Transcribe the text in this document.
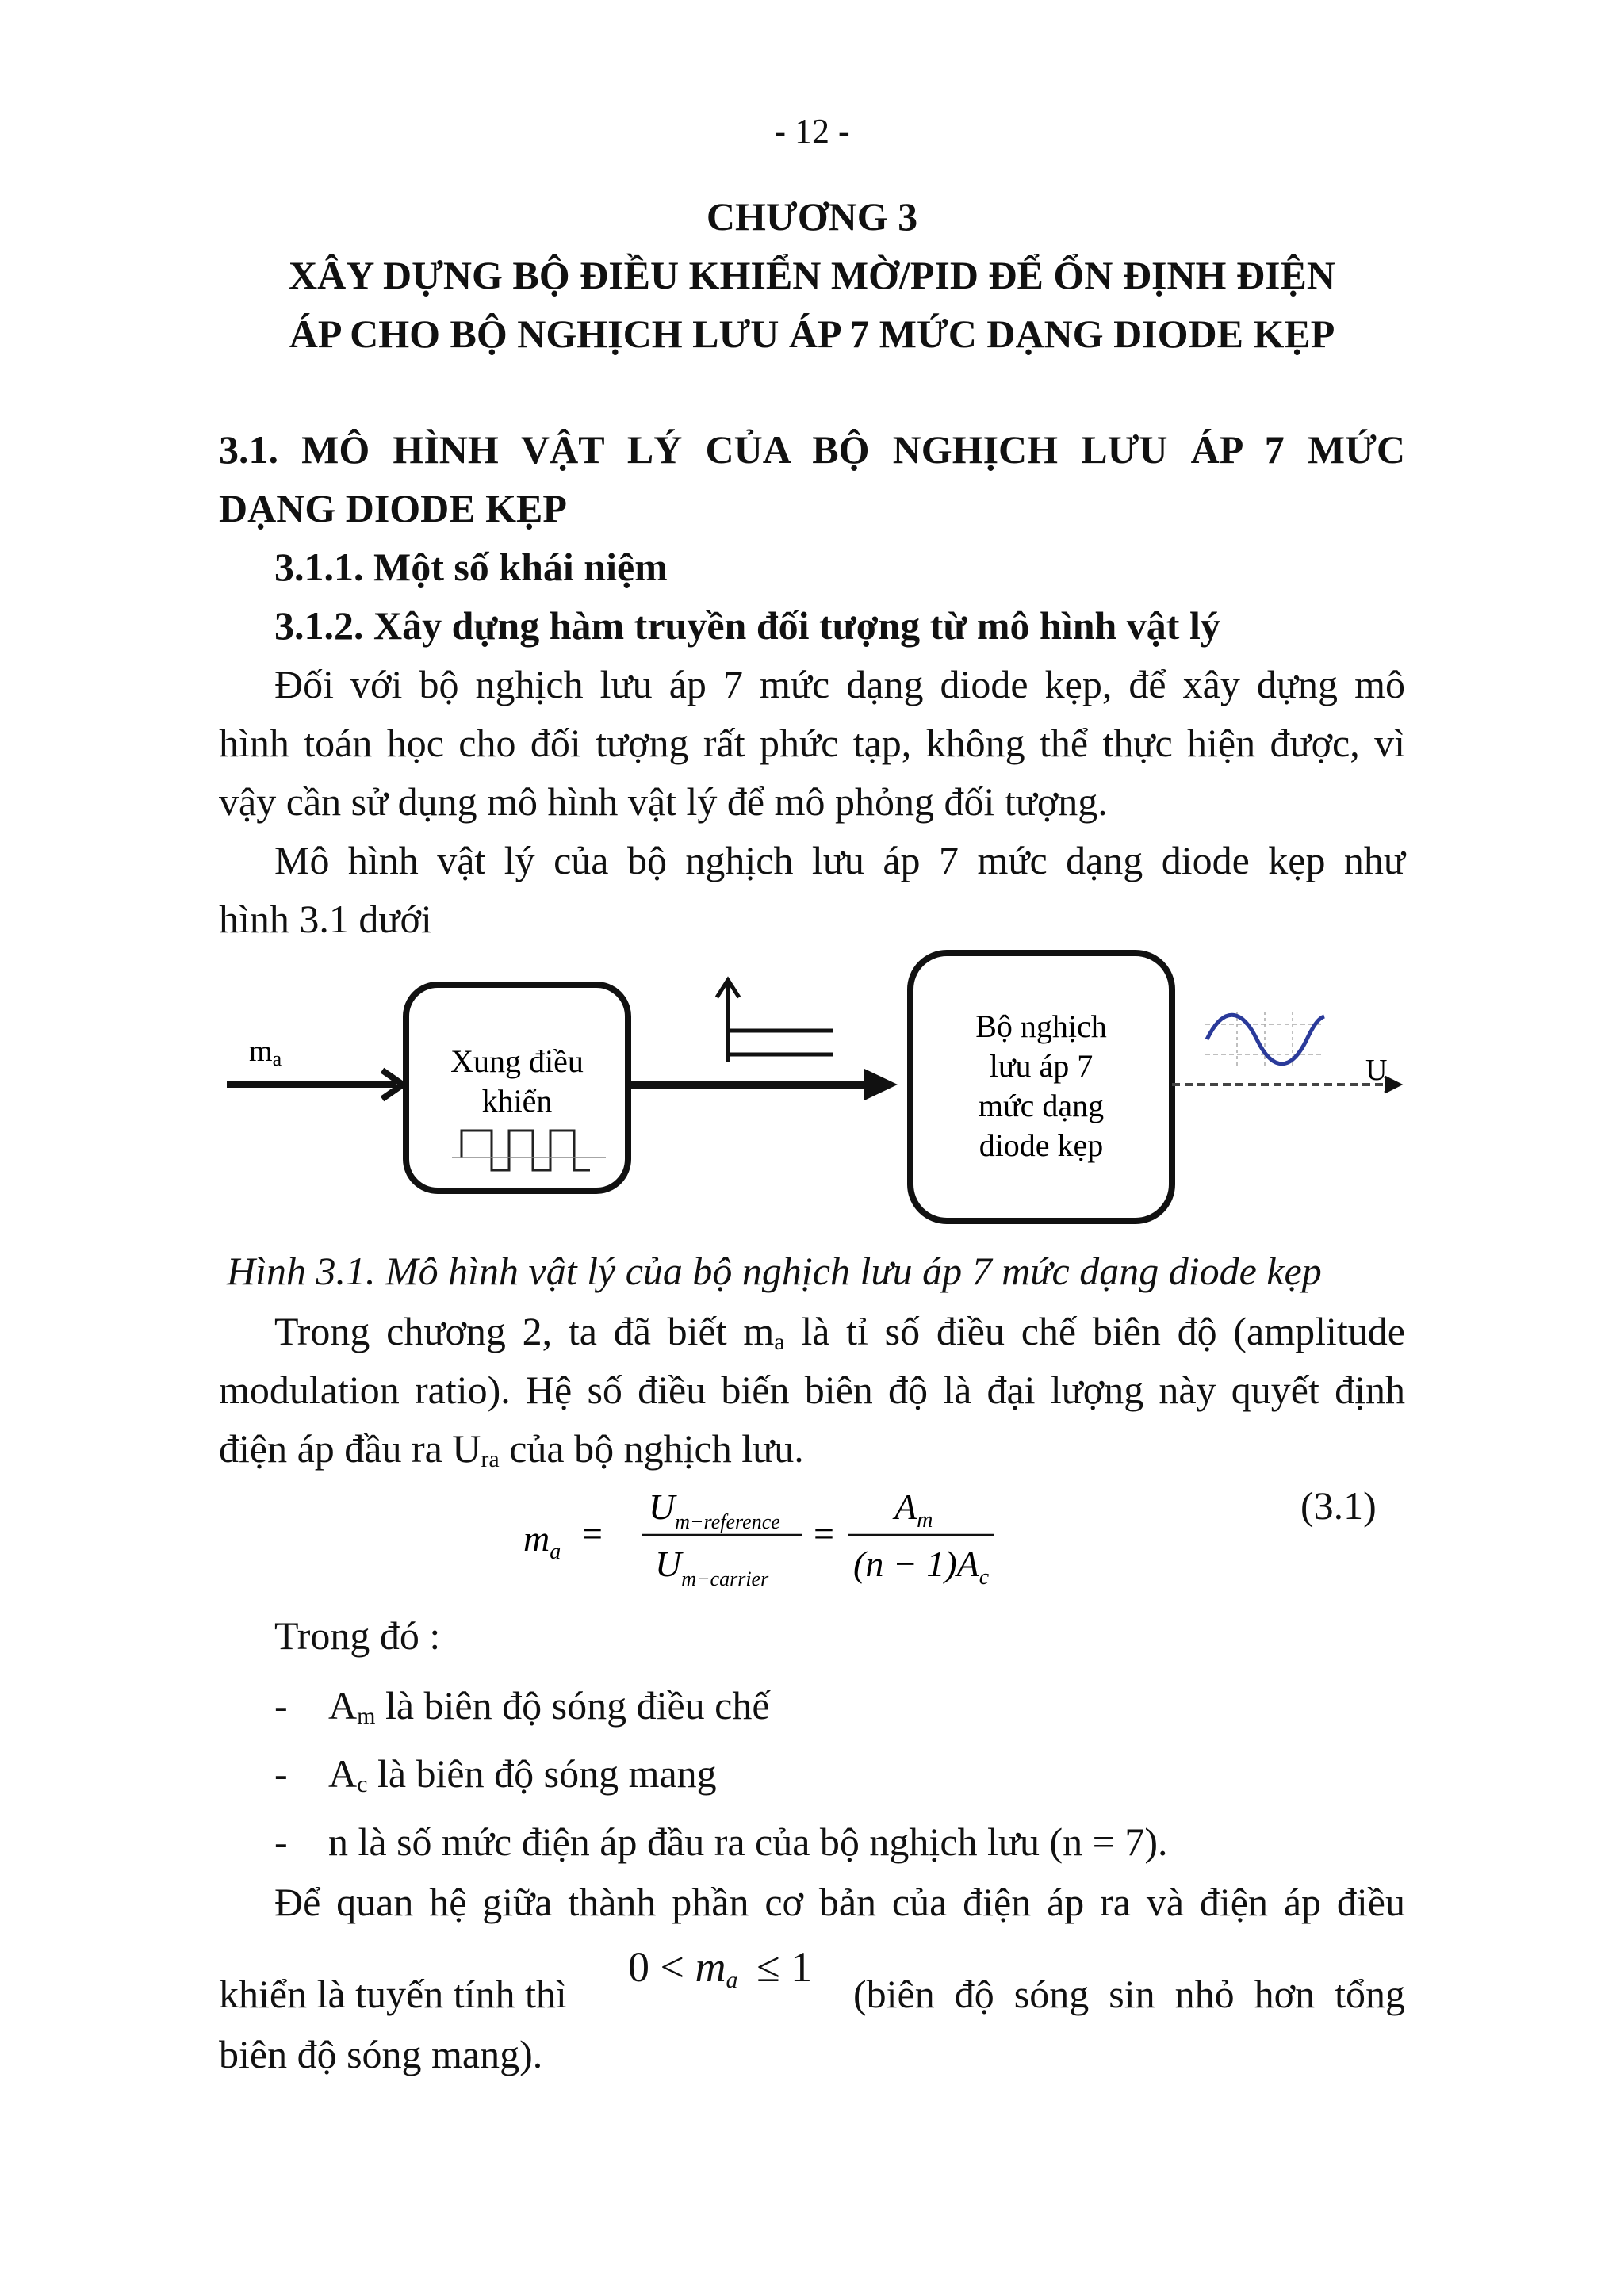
- 12 -
CHƯƠNG 3
XÂY DỰNG BỘ ĐIỀU KHIỂN MỜ/PID ĐỂ ỔN ĐỊNH ĐIỆN
ÁP CHO BỘ NGHỊCH LƯU ÁP 7 MỨC DẠNG DIODE KẸP
3.1. MÔ HÌNH VẬT LÝ CỦA BỘ NGHỊCH LƯU ÁP 7 MỨC
DẠNG DIODE KẸP
3.1.1. Một số khái niệm
3.1.2. Xây dựng hàm truyền đối tượng từ mô hình vật lý
Đối với bộ nghịch lưu áp 7 mức dạng diode kẹp, để xây dựng mô
hình toán học cho đối tượng rất phức tạp, không thể thực hiện được, vì
vậy cần sử dụng mô hình vật lý để mô phỏng đối tượng.
Mô hình vật lý của bộ nghịch lưu áp 7 mức dạng diode kẹp như
hình 3.1 dưới
ma	Xung điều
khiển
Bộ nghịch
lưu áp 7
mức dạng
diode kẹp
U
Hình 3.1. Mô hình vật lý của bộ nghịch lưu áp 7 mức dạng diode kẹp
Trong chương 2, ta đã biết $m_a$ là tỉ số điều chế biên độ (amplitude
modulation ratio). Hệ số điều biến biên độ là đại lượng này quyết định
điện áp đầu ra $U_{ra}$ của bộ nghịch lưu.
$m_a$ =
$U_{m-reference}$
$U_{m-carrier}$
=
$A_m$
$(n - 1)A_c$
(3.1)
Trong đó :
- $A_m$ là biên độ sóng điều chế
- $A_c$ là biên độ sóng mang
- n là số mức điện áp đầu ra của bộ nghịch lưu (n = 7).
Để quan hệ giữa thành phần cơ bản của điện áp ra và điện áp điều
khiển là tuyến tính thì
$0 < m_a \le 1$
(biên độ sóng sin nhỏ hơn tổng
biên độ sóng mang).
